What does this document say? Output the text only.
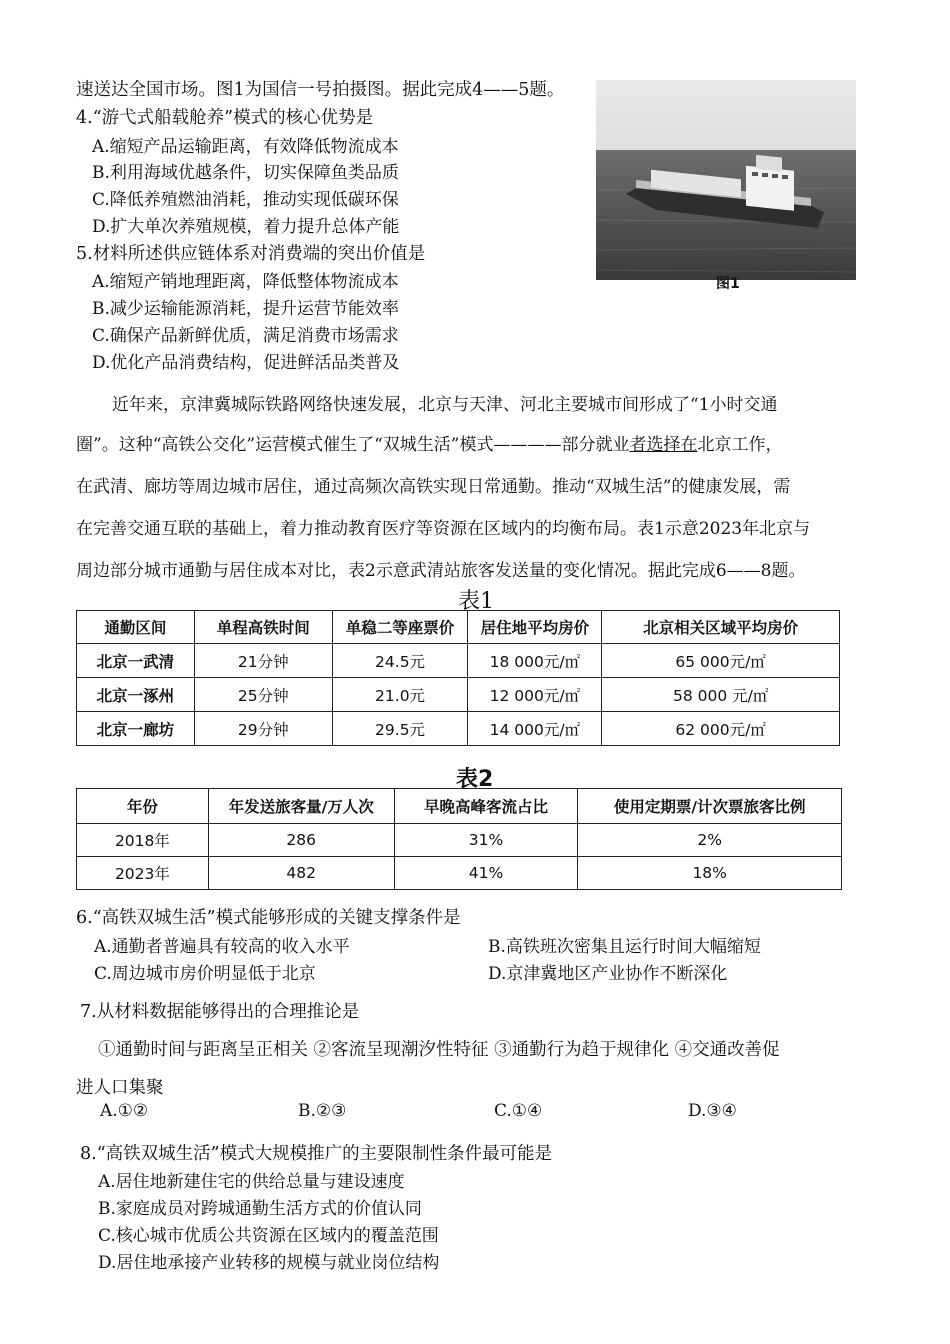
速送达全国市场。图1为国信一号拍摄图。据此完成4——5题。
图1
4.“游弋式船载舱养”模式的核心优势是
A.缩短产品运输距离，有效降低物流成本
B.利用海域优越条件，切实保障鱼类品质
C.降低养殖燃油消耗，推动实现低碳环保
D.扩大单次养殖规模，着力提升总体产能
5.材料所述供应链体系对消费端的突出价值是
A.缩短产销地理距离，降低整体物流成本
B.减少运输能源消耗，提升运营节能效率
C.确保产品新鲜优质，满足消费市场需求
D.优化产品消费结构，促进鲜活品类普及
近年来，京津冀城际铁路网络快速发展，北京与天津、河北主要城市间形成了“1小时交通
圈”。这种“高铁公交化”运营模式催生了“双城生活”模式————部分就业者选择在北京工作，
在武清、廊坊等周边城市居住，通过高频次高铁实现日常通勤。推动“双城生活”的健康发展，需
在完善交通互联的基础上，着力推动教育医疗等资源在区域内的均衡布局。表1示意2023年北京与
周边部分城市通勤与居住成本对比，表2示意武清站旅客发送量的变化情况。据此完成6——8题。
表1
通勤区间	单程高铁时间	单稳二等座票价	居住地平均房价	北京相关区域平均房价
北京一武清	21分钟	24.5元	18 000元/㎡	65 000元/㎡
北京一涿州	25分钟	21.0元	12 000元/㎡	58 000 元/㎡
北京一廊坊	29分钟	29.5元	14 000元/㎡	62 000元/㎡
表2
年份	年发送旅客量/万人次	早晚高峰客流占比	使用定期票/计次票旅客比例
2018年	286	31%	2%
2023年	482	41%	18%
6.“高铁双城生活”模式能够形成的关键支撑条件是
A.通勤者普遍具有较高的收入水平	B.高铁班次密集且运行时间大幅缩短
C.周边城市房价明显低于北京	D.京津冀地区产业协作不断深化
7.从材料数据能够得出的合理推论是
①通勤时间与距离呈正相关 ②客流呈现潮汐性特征 ③通勤行为趋于规律化 ④交通改善促
进人口集聚
A.①②	B.②③	C.①④	D.③④
8.“高铁双城生活”模式大规模推广的主要限制性条件最可能是
A.居住地新建住宅的供给总量与建设速度
B.家庭成员对跨城通勤生活方式的价值认同
C.核心城市优质公共资源在区域内的覆盖范围
D.居住地承接产业转移的规模与就业岗位结构
